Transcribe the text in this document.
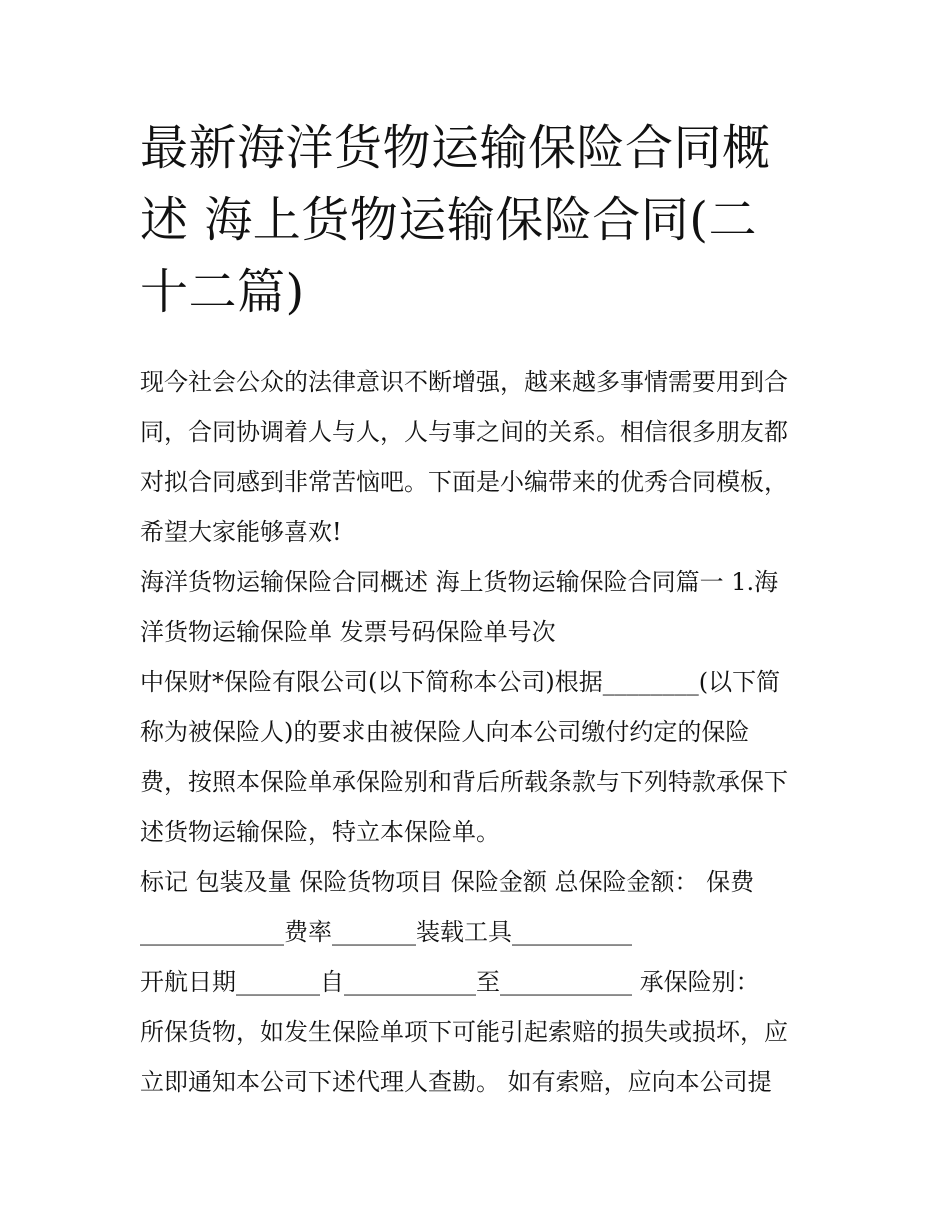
最新海洋货物运输保险合同概
述 海上货物运输保险合同(二
十二篇)
现今社会公众的法律意识不断增强，越来越多事情需要用到合
同，合同协调着人与人，人与事之间的关系。相信很多朋友都
对拟合同感到非常苦恼吧。下面是小编带来的优秀合同模板，
希望大家能够喜欢!
海洋货物运输保险合同概述 海上货物运输保险合同篇一 1.海
洋货物运输保险单 发票号码保险单号次
中保财*保险有限公司(以下简称本公司)根据________(以下简
称为被保险人)的要求由被保险人向本公司缴付约定的保险
费，按照本保险单承保险别和背后所载条款与下列特款承保下
述货物运输保险，特立本保险单。
标记 包装及量 保险货物项目 保险金额 总保险金额： 保费
____________费率_______装载工具__________
开航日期_______自___________至___________ 承保险别：
所保货物，如发生保险单项下可能引起索赔的损失或损坏，应
立即通知本公司下述代理人查勘。 如有索赔，应向本公司提
